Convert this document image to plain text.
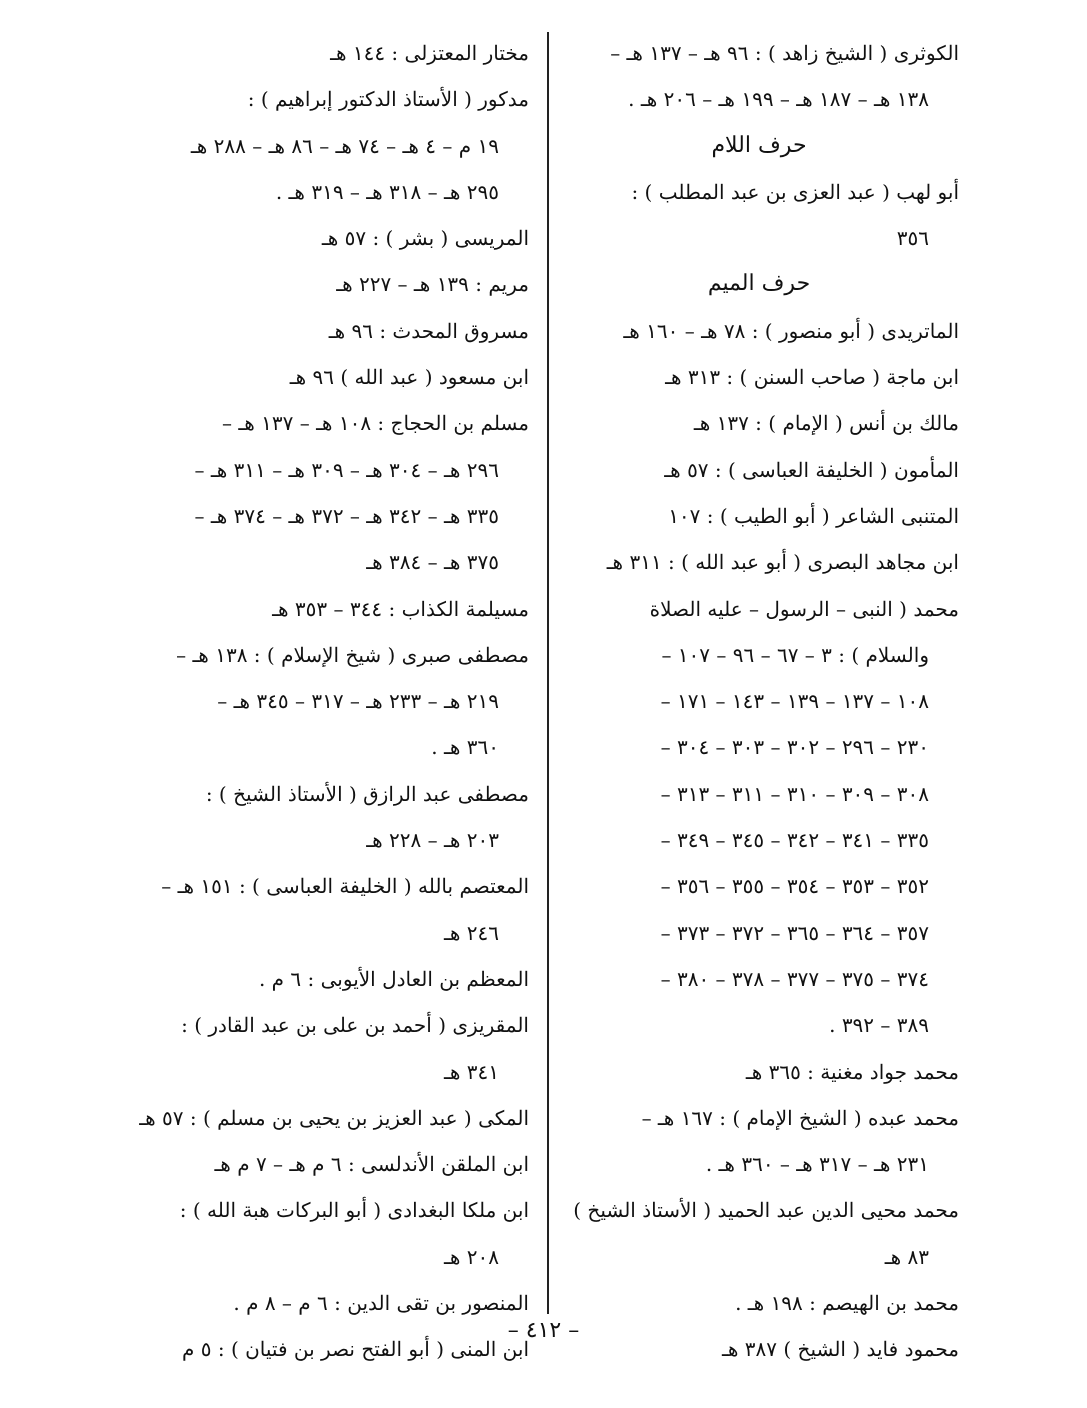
الكوثرى ( الشيخ زاهد ) : ٩٦ هـ – ١٣٧ هـ –
١٣٨ هـ – ١٨٧ هـ – ١٩٩ هـ – ٢٠٦ هـ .
حرف اللام
أبو لهب ( عبد العزى بن عبد المطلب ) :
٣٥٦
حرف الميم
الماتريدى ( أبو منصور ) : ٧٨ هـ – ١٦٠ هـ
ابن ماجة ( صاحب السنن ) : ٣١٣ هـ
مالك بن أنس ( الإمام ) : ١٣٧ هـ
المأمون ( الخليفة العباسى ) : ٥٧ هـ
المتنبى الشاعر ( أبو الطيب ) : ١٠٧
ابن مجاهد البصرى ( أبو عبد الله ) : ٣١١ هـ
محمد ( النبى – الرسول – عليه الصلاة
والسلام ) : ٣ – ٦٧ – ٩٦ – ١٠٧ –
١٠٨ – ١٣٧ – ١٣٩ – ١٤٣ – ١٧١ –
٢٣٠ – ٢٩٦ – ٣٠٢ – ٣٠٣ – ٣٠٤ –
٣٠٨ – ٣٠٩ – ٣١٠ – ٣١١ – ٣١٣ –
٣٣٥ – ٣٤١ – ٣٤٢ – ٣٤٥ – ٣٤٩ –
٣٥٢ – ٣٥٣ – ٣٥٤ – ٣٥٥ – ٣٥٦ –
٣٥٧ – ٣٦٤ – ٣٦٥ – ٣٧٢ – ٣٧٣ –
٣٧٤ – ٣٧٥ – ٣٧٧ – ٣٧٨ – ٣٨٠ –
٣٨٩ – ٣٩٢ .
محمد جواد مغنية : ٣٦٥ هـ
محمد عبده ( الشيخ الإمام ) : ١٦٧ هـ –
٢٣١ هـ – ٣١٧ هـ – ٣٦٠ هـ .
محمد محيى الدين عبد الحميد ( الأستاذ الشيخ )
٨٣ هـ
محمد بن الهيصم : ١٩٨ هـ .
محمود فايد ( الشيخ ) ٣٨٧ هـ
مختار المعتزلى : ١٤٤ هـ
مدكور ( الأستاذ الدكتور إبراهيم ) :
١٩ م – ٤ هـ – ٧٤ هـ – ٨٦ هـ – ٢٨٨ هـ
٢٩٥ هـ – ٣١٨ هـ – ٣١٩ هـ .
المريسى ( بشر ) : ٥٧ هـ
مريم : ١٣٩ هـ – ٢٢٧ هـ
مسروق المحدث : ٩٦ هـ
ابن مسعود ( عبد الله ) ٩٦ هـ
مسلم بن الحجاج : ١٠٨ هـ – ١٣٧ هـ –
٢٩٦ هـ – ٣٠٤ هـ – ٣٠٩ هـ – ٣١١ هـ –
٣٣٥ هـ – ٣٤٢ هـ – ٣٧٢ هـ – ٣٧٤ هـ –
٣٧٥ هـ – ٣٨٤ هـ
مسيلمة الكذاب : ٣٤٤ – ٣٥٣ هـ
مصطفى صبرى ( شيخ الإسلام ) : ١٣٨ هـ –
٢١٩ هـ – ٢٣٣ هـ – ٣١٧ – ٣٤٥ هـ –
٣٦٠ هـ .
مصطفى عبد الرازق ( الأستاذ الشيخ ) :
٢٠٣ هـ – ٢٢٨ هـ
المعتصم بالله ( الخليفة العباسى ) : ١٥١ هـ –
٢٤٦ هـ
المعظم بن العادل الأيوبى : ٦ م .
المقريزى ( أحمد بن على بن عبد القادر ) :
٣٤١ هـ
المكى ( عبد العزيز بن يحيى بن مسلم ) : ٥٧ هـ
ابن الملقن الأندلسى : ٦ م هـ – ٧ م هـ
ابن ملكا البغدادى ( أبو البركات هبة الله ) :
٢٠٨ هـ
المنصور بن تقى الدين : ٦ م – ٨ م .
ابن المنى ( أبو الفتح نصر بن فتيان ) : ٥ م
– ٤١٢ –
